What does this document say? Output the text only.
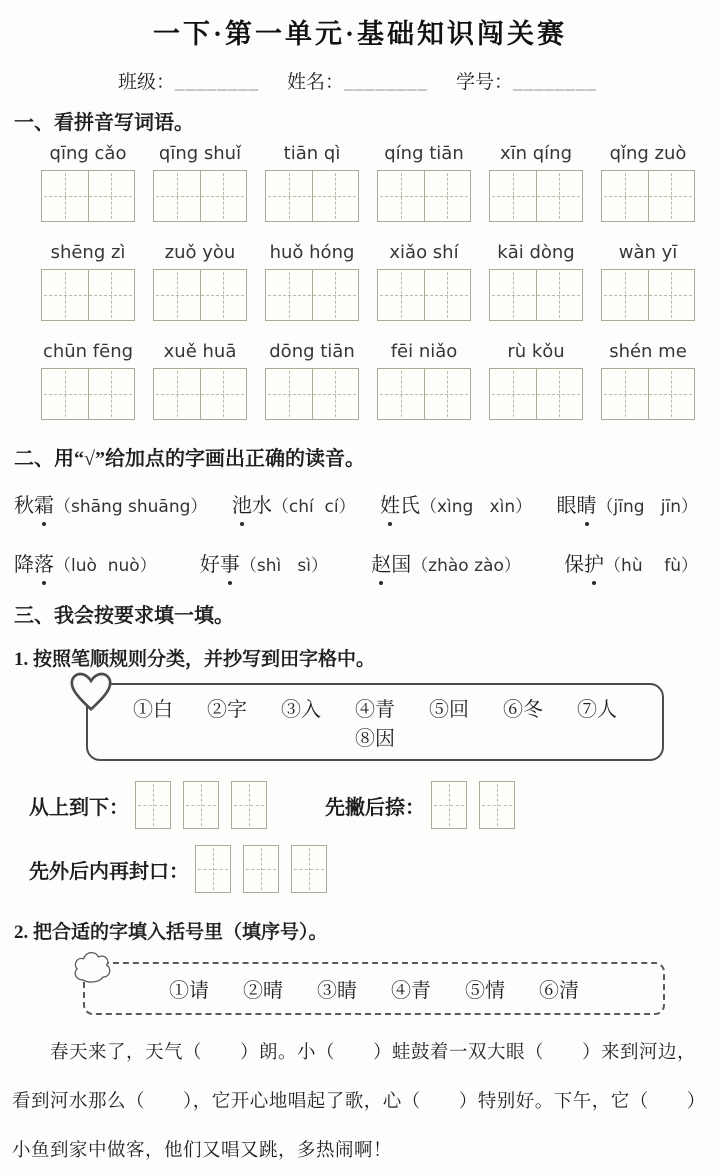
一下·第一单元·基础知识闯关赛
班级：________ 姓名：________ 学号：________
一、看拼音写词语。
qīng cǎo qīng shuǐ tiān qì qíng tiān xīn qíng qǐng zuò
shēng zì zuǒ yòu huǒ hóng xiǎo shí kāi dòng wàn yī
chūn fēng xuě huā dōng tiān fēi niǎo	rù kǒu shén me
二、用“√”给加点的字画出正确的读音。
秋霜（shāng shuāng） 池水（chí  cí） 姓氏（xìng   xìn） 眼睛（jīng   jīn）
降落（luò  nuò） 好事（shì   sì） 赵国（zhào zào） 保护（hù    fù）
三、我会按要求填一填。
1. 按照笔顺规则分类，并抄写到田字格中。
①白 ②字 ③入 ④青 ⑤回 ⑥冬 ⑦人 ⑧因
从上到下：	先撇后捺：
先外后内再封口：
2. 把合适的字填入括号里（填序号）。
①请 ②晴 ③睛 ④青 ⑤情 ⑥清
　　春天来了，天气（　　）朗。小（　　）蛙鼓着一双大眼（　　）来到河边，
看到河水那么（　　），它开心地唱起了歌，心（　　）特别好。下午，它（　　）
小鱼到家中做客，他们又唱又跳，多热闹啊！
